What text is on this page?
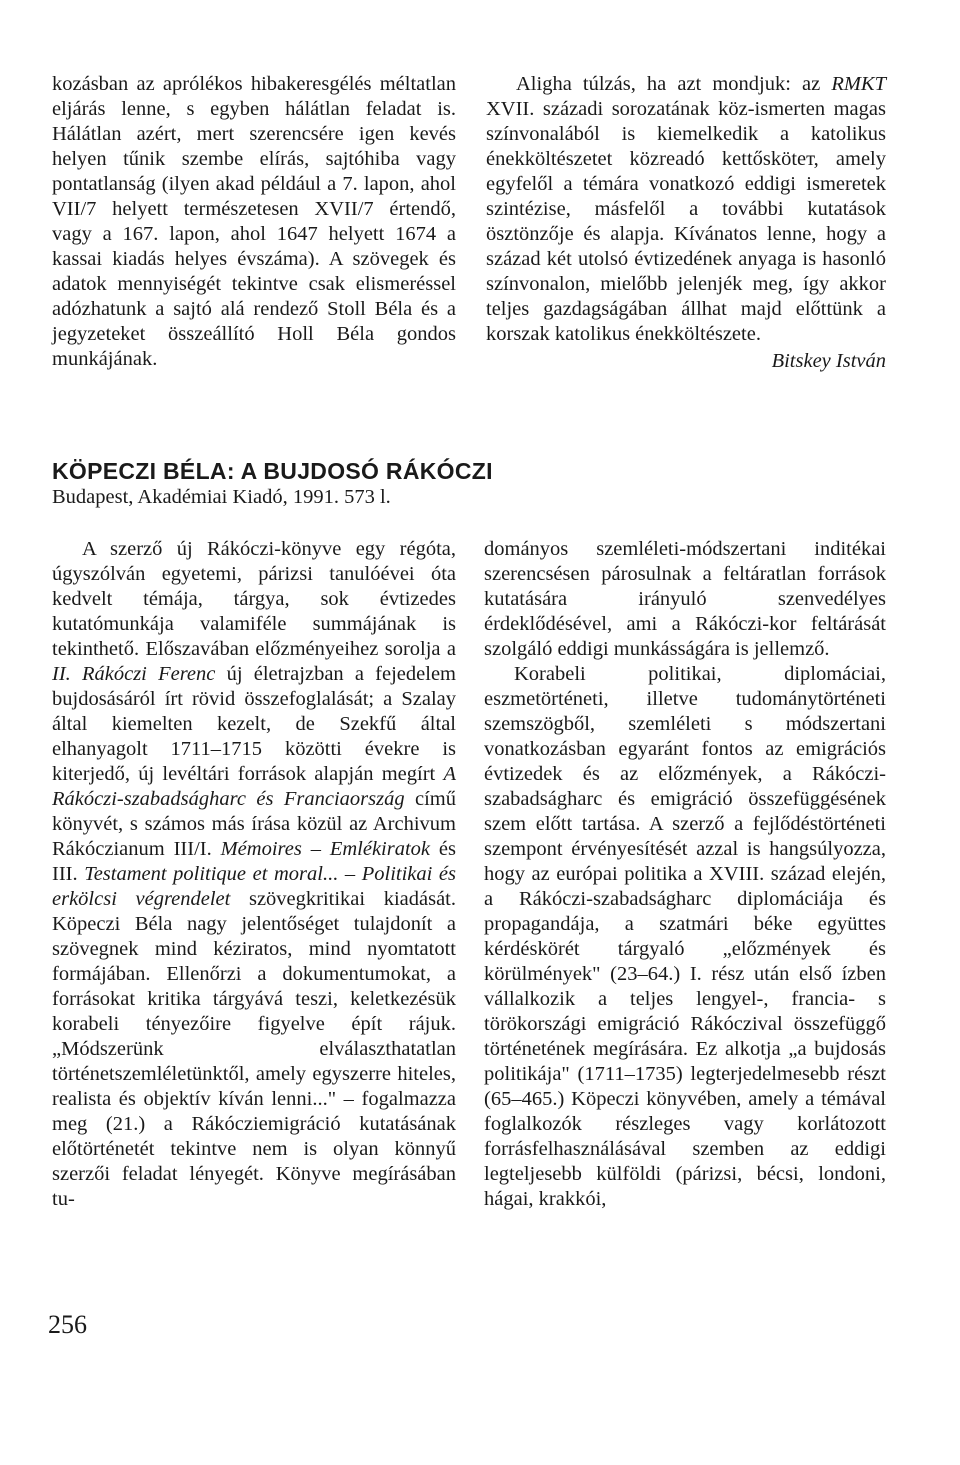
kozásban az aprólékos hibakeresgélés méltatlan eljárás lenne, s egyben hálátlan feladat is. Hálátlan azért, mert szerencsére igen kevés helyen tűnik szembe elírás, sajtóhiba vagy pontatlanság (ilyen akad például a 7. lapon, ahol VII/7 helyett természetesen XVII/7 értendő, vagy a 167. lapon, ahol 1647 helyett 1674 a kassai kiadás helyes évszáma). A szövegek és adatok mennyiségét tekintve csak elismeréssel adózhatunk a sajtó alá rendező Stoll Béla és a jegyzeteket összeállító Holl Béla gondos munkájának.

Aligha túlzás, ha azt mondjuk: az RMKT XVII. századi sorozatának köz-ismerten magas színvonalából is kiemelkedik a katolikus énekköltészetet közreadó kettősköteт, amely egyfelől a témára vonatkozó eddigi ismeretek szintézise, másfelől a további kutatások ösztönzője és alapja. Kívánatos lenne, hogy a század két utolsó évtizedének anyaga is hasonló színvonalon, mielőbb jelenjék meg, így akkor teljes gazdagságában állhat majd előttünk a korszak katolikus énekköltészete.

Bitskey István

KÖPECZI BÉLA: A BUJDOSÓ RÁKÓCZI
Budapest, Akadémiai Kiadó, 1991. 573 l.

A szerző új Rákóczi-könyve egy régóta, úgyszólván egyetemi, párizsi tanulóévei óta kedvelt témája, tárgya, sok évtizedes kutatómunkája valamiféle summájának is tekinthető. Előszavában előzményeihez sorolja a II. Rákóczi Ferenc új életrajzban a fejedelem bujdosásáról írt rövid összefoglalását; a Szalay által kiemelten kezelt, de Szekfű által elhanyagolt 1711–1715 közötti évekre is kiterjedő, új levéltári források alapján megírt A Rákóczi-szabadságharc és Franciaország című könyvét, s számos más írása közül az Archivum Rákóczianum III/I. Mémoires – Emlékiratok és III. Testament politique et moral... – Politikai és erkölcsi végrendelet szövegkritikai kiadását. Köpeczi Béla nagy jelentőséget tulajdonít a szövegnek mind kéziratos, mind nyomtatott formájában. Ellenőrzi a dokumentumokat, a forrásokat kritika tárgyává teszi, keletkezésük korabeli tényezőire figyelve épít rájuk. „Módszerünk elválaszthatatlan történetszemléletünktől, amely egyszerre hiteles, realista és objektív kíván lenni..." – fogalmazza meg (21.) a Rákócziemigráció kutatásának előtörténetét tekintve nem is olyan könnyű szerzői feladat lényegét. Könyve megírásában tu-

dományos szemléleti-módszertani inditékai szerencsésen párosulnak a feltáratlan források kutatására irányuló szenvedélyes érdeklődésével, ami a Rákóczi-kor feltárását szolgáló eddigi munkásságára is jellemző.

Korabeli politikai, diplomáciai, eszmetörténeti, illetve tudománytörténeti szemszögből, szemléleti s módszertani vonatkozásban egyaránt fontos az emigrációs évtizedek és az előzmények, a Rákóczi-szabadságharc és emigráció összefüggésének szem előtt tartása. A szerző a fejlődéstörténeti szempont érvényesítését azzal is hangsúlyozza, hogy az európai politika a XVIII. század elején, a Rákóczi-szabadságharc diplomáciája és propagandája, a szatmári béke együttes kérdéskörét tárgyaló „előzmények és körülmények" (23–64.) I. rész után első ízben vállalkozik a teljes lengyel-, francia- s törökországi emigráció Rákóczival összefüggő történetének megírására. Ez alkotja „a bujdosás politikája" (1711–1735) legterjedelmesebb részt (65–465.) Köpeczi könyvében, amely a témával foglalkozók részleges vagy korlátozott forrásfelhasználásával szemben az eddigi legteljesebb külföldi (párizsi, bécsi, londoni, hágai, krakkói,

256
